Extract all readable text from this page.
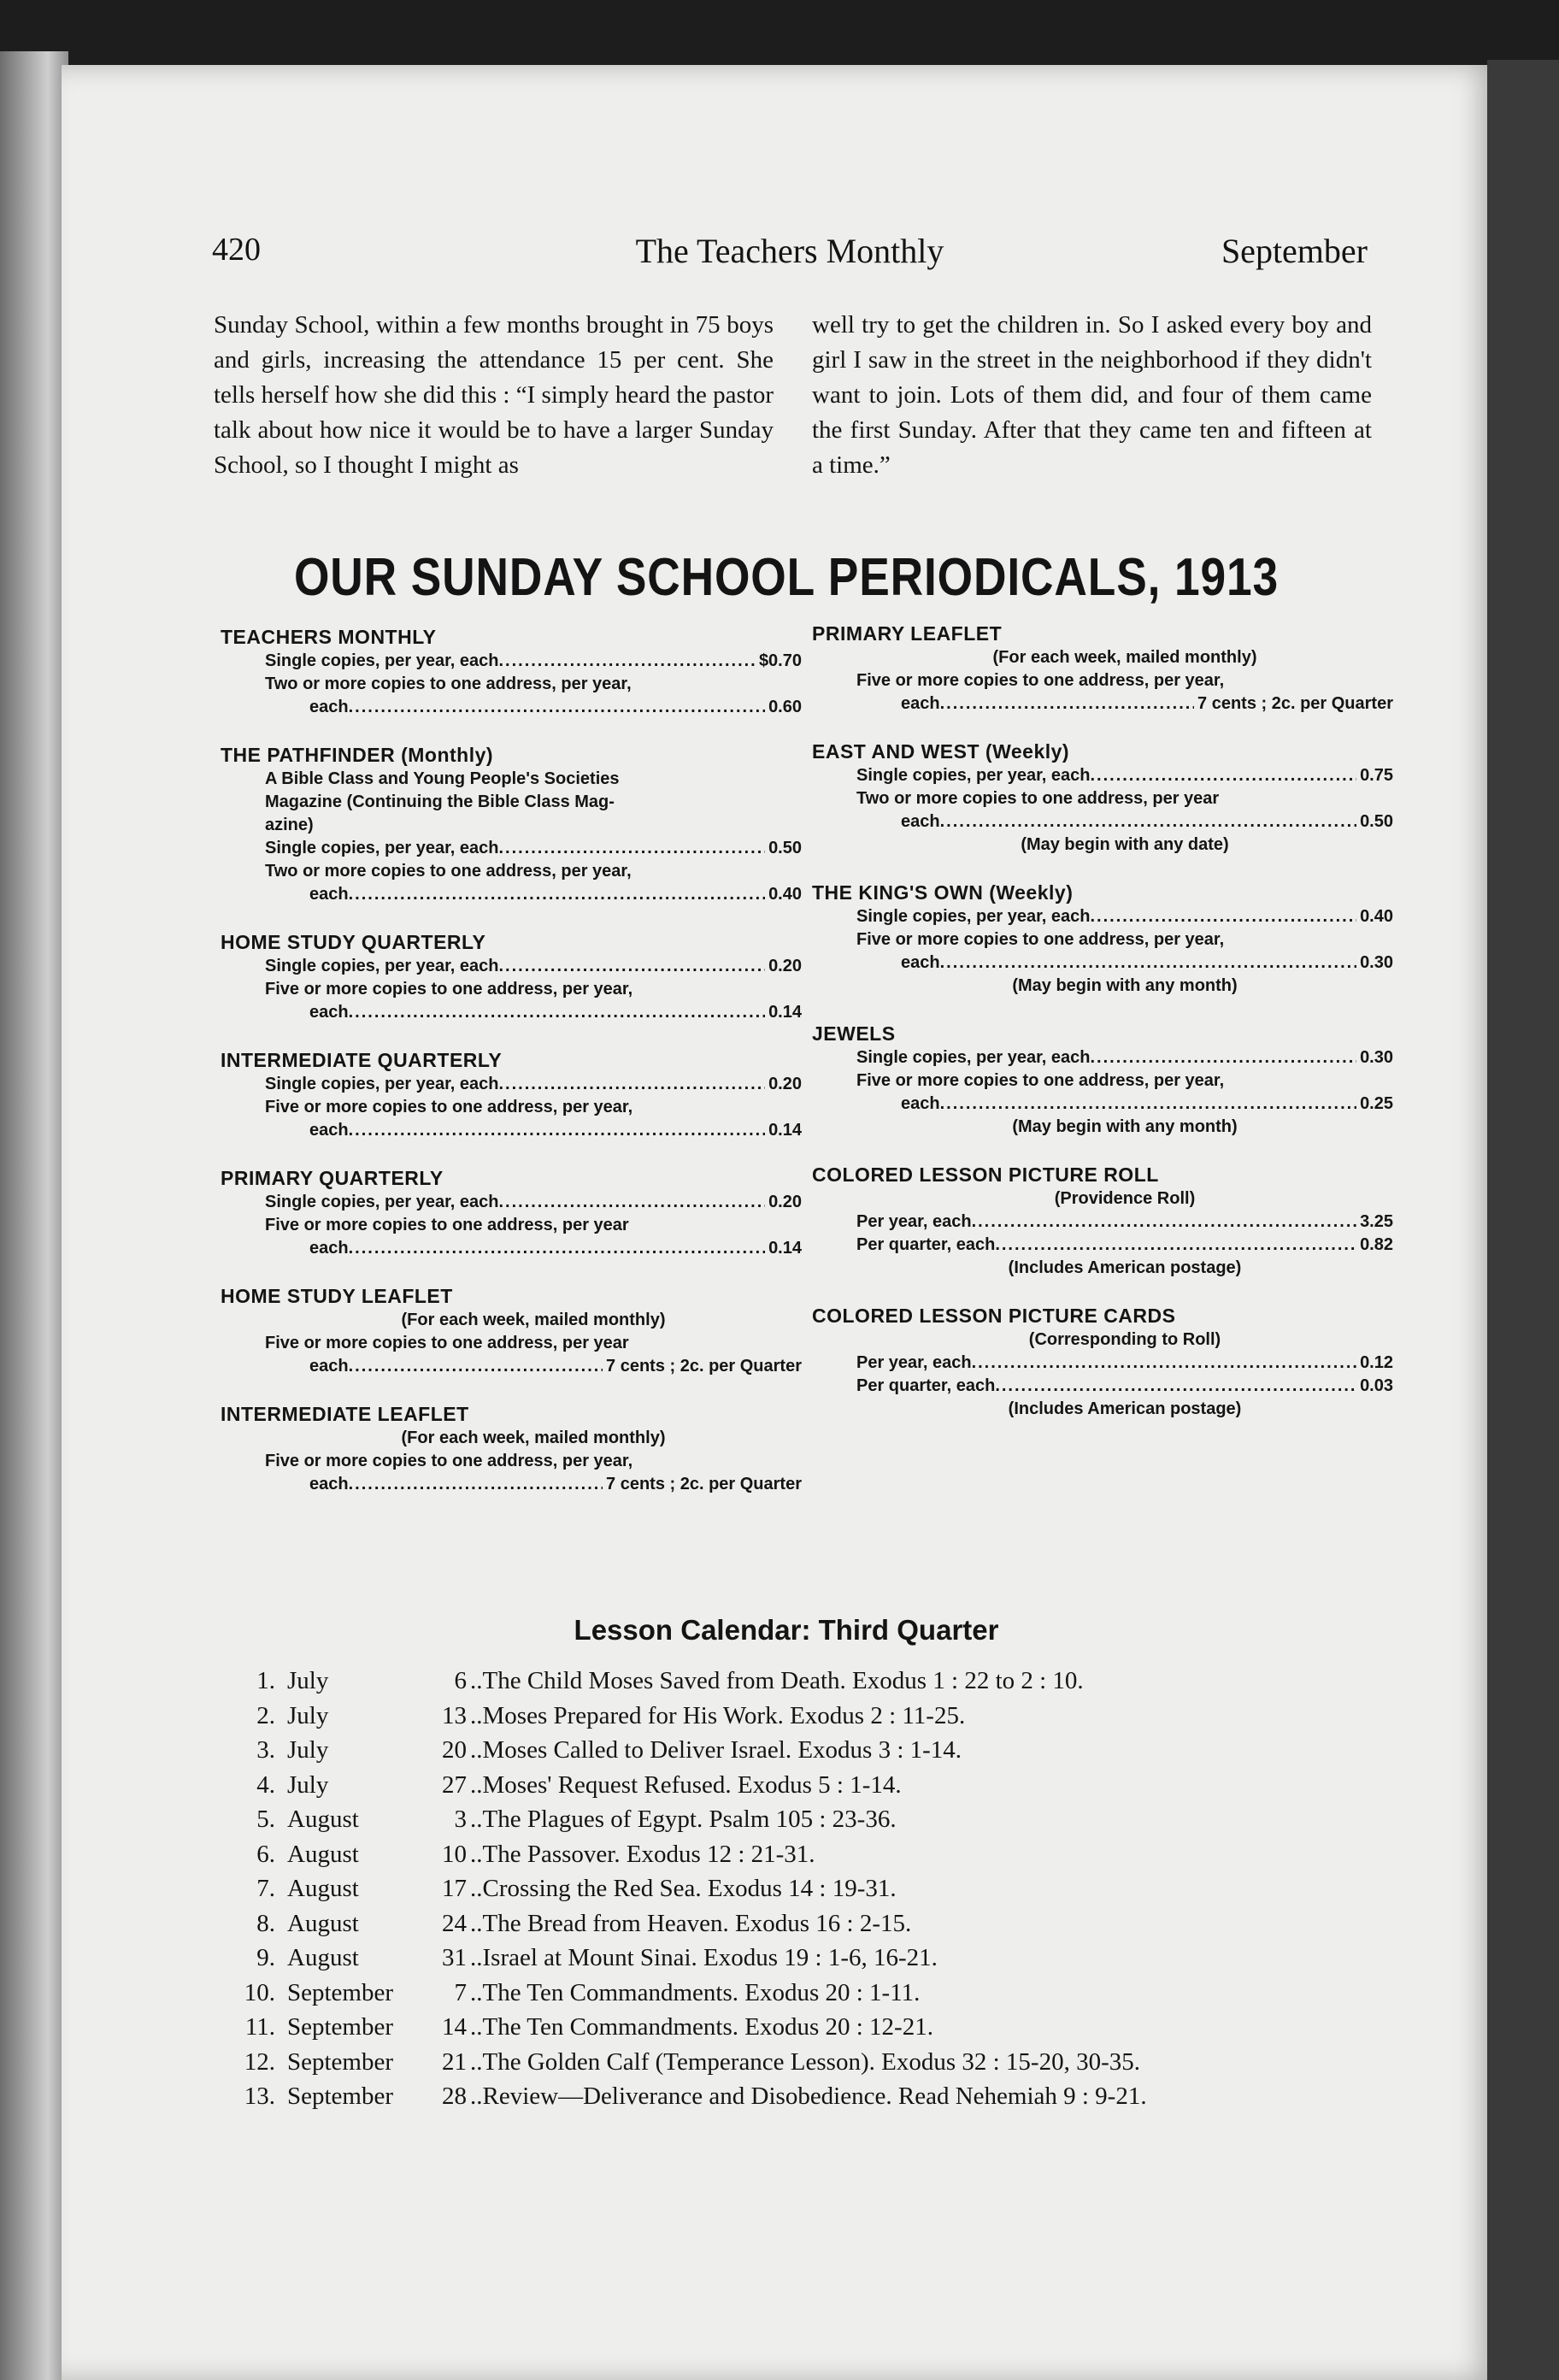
420	The Teachers Monthly	September
Sunday School, within a few months brought in 75 boys and girls, increasing the attendance 15 per cent. She tells herself how she did this : “I simply heard the pastor talk about how nice it would be to have a larger Sunday School, so I thought I might as
well try to get the children in. So I asked every boy and girl I saw in the street in the neighborhood if they didn't want to join. Lots of them did, and four of them came the first Sunday. After that they came ten and fifteen at a time.”
OUR SUNDAY SCHOOL PERIODICALS, 1913
TEACHERS MONTHLY
Single copies, per year, each .....	$0.70
Two or more copies to one address, per year,
each .....	0.60
THE PATHFINDER (Monthly)
A Bible Class and Young People's Societies
Magazine (Continuing the Bible Class Mag-
azine)
Single copies, per year, each .....	0.50
Two or more copies to one address, per year,
each .....	0.40
HOME STUDY QUARTERLY
Single copies, per year, each .....	0.20
Five or more copies to one address, per year,
each .....	0.14
INTERMEDIATE QUARTERLY
Single copies, per year, each .....	0.20
Five or more copies to one address, per year,
each .....	0.14
PRIMARY QUARTERLY
Single copies, per year, each .....	0.20
Five or more copies to one address, per year
each .....	0.14
HOME STUDY LEAFLET
(For each week, mailed monthly)
Five or more copies to one address, per year
each .....	7 cents ; 2c. per Quarter
INTERMEDIATE LEAFLET
(For each week, mailed monthly)
Five or more copies to one address, per year,
each .....	7 cents ; 2c. per Quarter
PRIMARY LEAFLET
(For each week, mailed monthly)
Five or more copies to one address, per year,
each .....	7 cents ; 2c. per Quarter
EAST AND WEST (Weekly)
Single copies, per year, each .....	0.75
Two or more copies to one address, per year
each .....	0.50
(May begin with any date)
THE KING'S OWN (Weekly)
Single copies, per year, each .....	0.40
Five or more copies to one address, per year,
each .....	0.30
(May begin with any month)
JEWELS
Single copies, per year, each .....	0.30
Five or more copies to one address, per year,
each .....	0.25
(May begin with any month)
COLORED LESSON PICTURE ROLL
(Providence Roll)
Per year, each .....	3.25
Per quarter, each .....	0.82
(Includes American postage)
COLORED LESSON PICTURE CARDS
(Corresponding to Roll)
Per year, each .....	0.12
Per quarter, each .....	0.03
(Includes American postage)
Lesson Calendar: Third Quarter
1. July	6 ..The Child Moses Saved from Death. Exodus 1 : 22 to 2 : 10.
2. July	13 ..Moses Prepared for His Work. Exodus 2 : 11-25.
3. July	20 ..Moses Called to Deliver Israel. Exodus 3 : 1-14.
4. July	27 ..Moses' Request Refused. Exodus 5 : 1-14.
5. August	3 ..The Plagues of Egypt. Psalm 105 : 23-36.
6. August	10 ..The Passover. Exodus 12 : 21-31.
7. August	17 ..Crossing the Red Sea. Exodus 14 : 19-31.
8. August	24 ..The Bread from Heaven. Exodus 16 : 2-15.
9. August	31 ..Israel at Mount Sinai. Exodus 19 : 1-6, 16-21.
10. September	7 ..The Ten Commandments. Exodus 20 : 1-11.
11. September	14 ..The Ten Commandments. Exodus 20 : 12-21.
12. September	21 ..The Golden Calf (Temperance Lesson). Exodus 32 : 15-20, 30-35.
13. September	28 ..Review—Deliverance and Disobedience. Read Nehemiah 9 : 9-21.
